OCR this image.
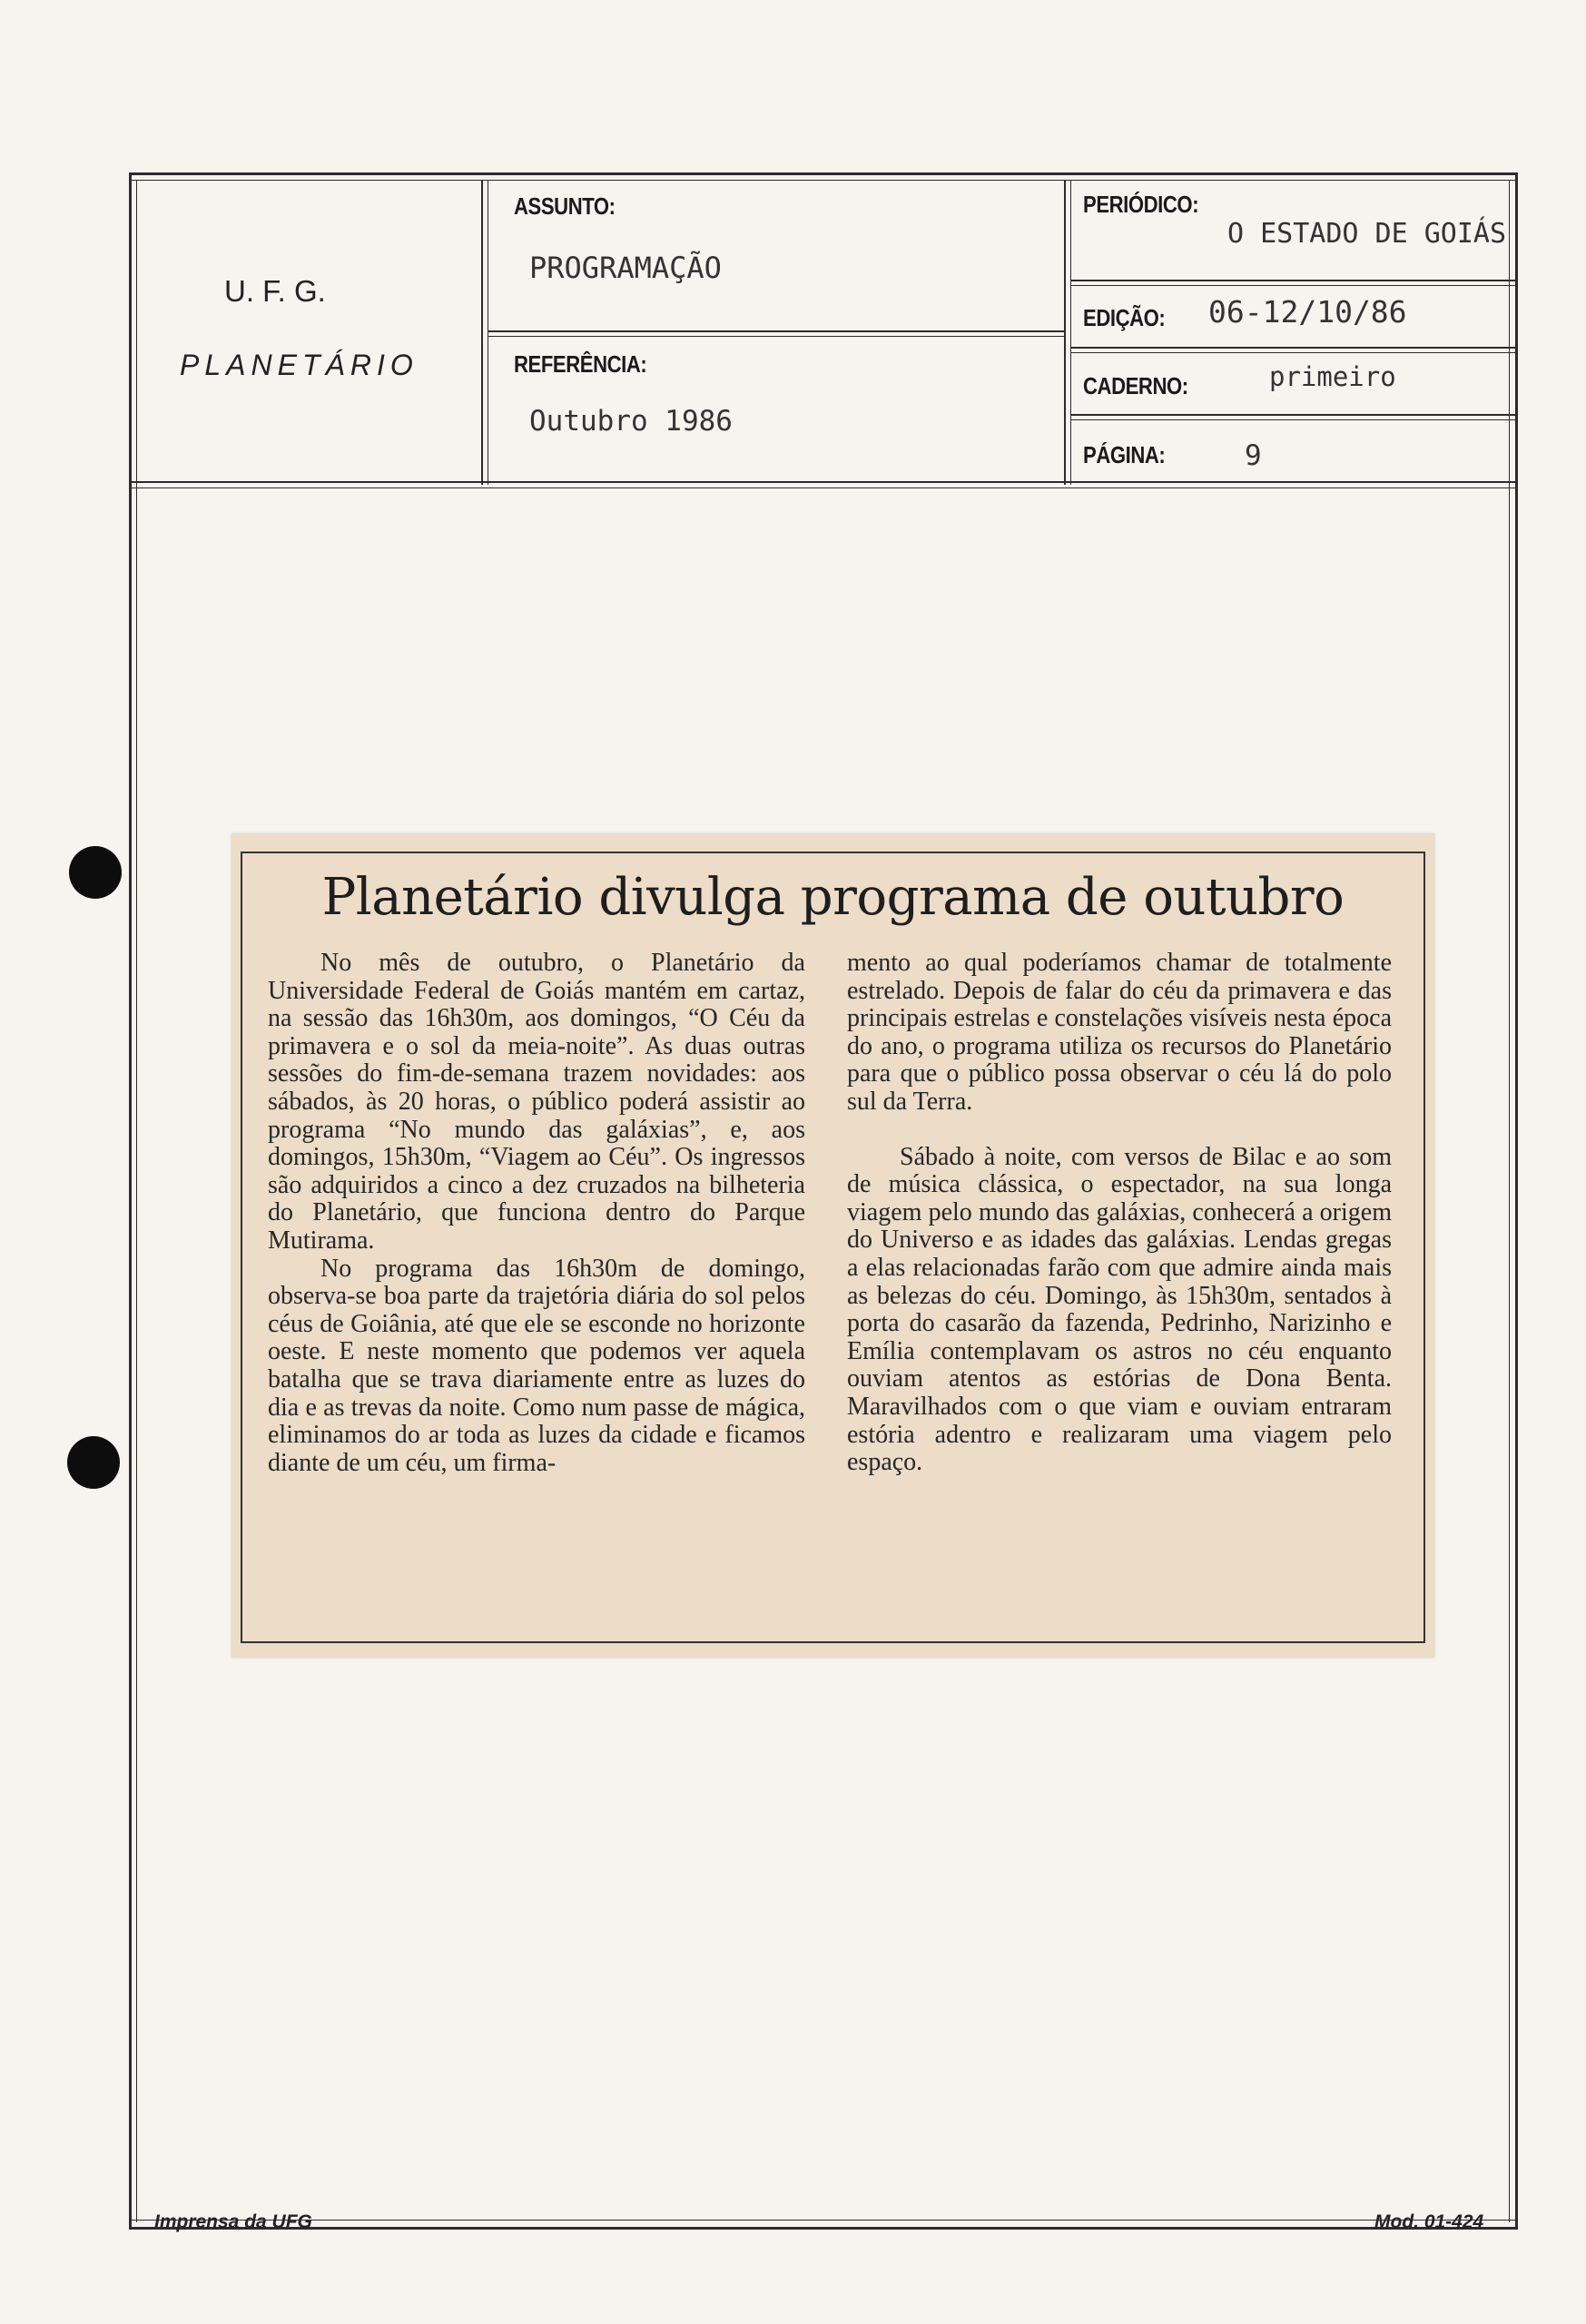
U. F. G.
PLANETÁRIO
ASSUNTO:
PROGRAMAÇÃO
REFERÊNCIA:
Outubro 1986
PERIÓDICO:
O ESTADO DE GOIÁS
EDIÇÃO: 06-12/10/86
CADERNO:	primeiro
PÁGINA:	9
Planetário divulga programa de outubro

No mês de outubro, o Planetário da Universidade Federal de Goiás mantém em cartaz, na sessão das 16h30m, aos domingos, “O Céu da primavera e o sol da meia-noite”. As duas outras sessões do fim-de-semana trazem novidades: aos sábados, às 20 horas, o público poderá assistir ao programa “No mundo das galáxias”, e, aos domingos, 15h30m, “Viagem ao Céu”. Os ingressos são adquiridos a cinco a dez cruzados na bilheteria do Planetário, que funciona dentro do Parque Mutirama.

No programa das 16h30m de domingo, observa-se boa parte da trajetória diária do sol pelos céus de Goiânia, até que ele se esconde no horizonte oeste. E neste momento que podemos ver aquela batalha que se trava diariamente entre as luzes do dia e as trevas da noite. Como num passe de mágica, eliminamos do ar toda as luzes da cidade e ficamos diante de um céu, um firma-

mento ao qual poderíamos chamar de totalmente estrelado. Depois de falar do céu da primavera e das principais estrelas e constelações visíveis nesta época do ano, o programa utiliza os recursos do Planetário para que o público possa observar o céu lá do polo sul da Terra.

Sábado à noite, com versos de Bilac e ao som de música clássica, o espectador, na sua longa viagem pelo mundo das galáxias, conhecerá a origem do Universo e as idades das galáxias. Lendas gregas a elas relacionadas farão com que admire ainda mais as belezas do céu. Domingo, às 15h30m, sentados à porta do casarão da fazenda, Pedrinho, Narizinho e Emília contemplavam os astros no céu enquanto ouviam atentos as estórias de Dona Benta. Maravilhados com o que viam e ouviam entraram estória adentro e realizaram uma viagem pelo espaço.

Imprensa da UFG	Mod. 01-424
